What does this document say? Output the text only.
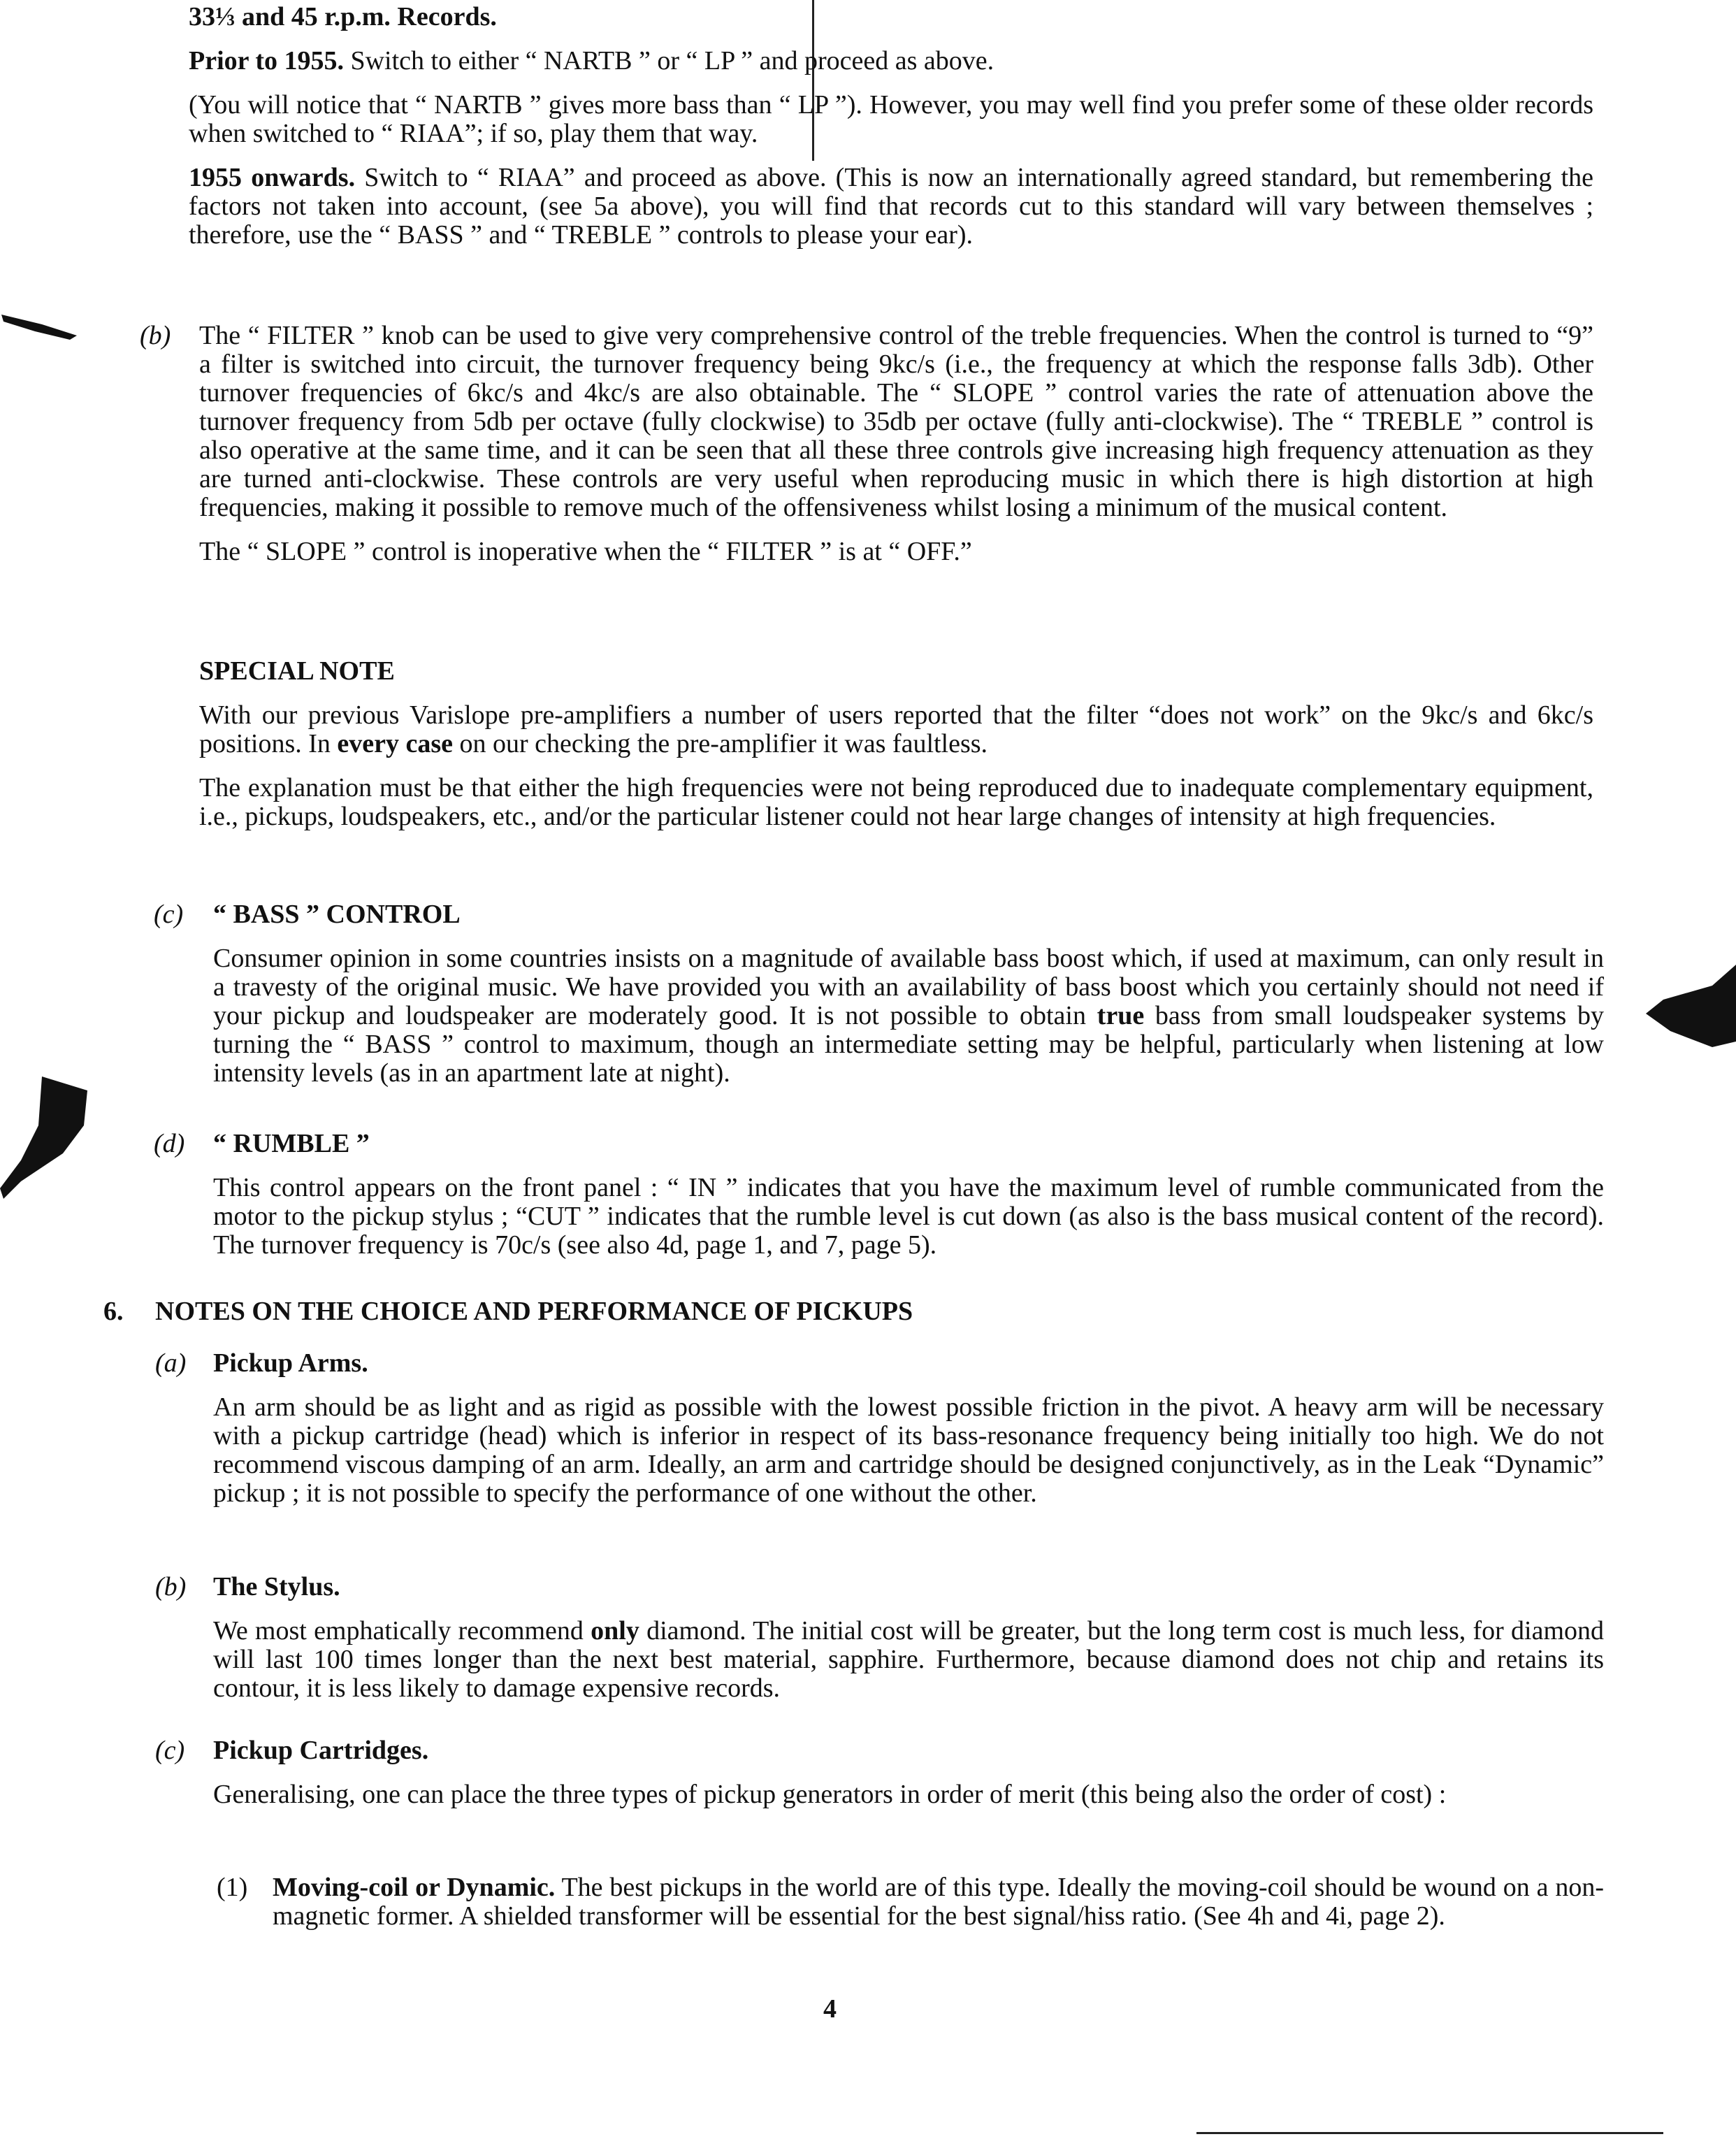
33⅓ and 45 r.p.m. Records.

Prior to 1955. Switch to either “ NARTB ” or “ LP ” and proceed as above.

(You will notice that “ NARTB ” gives more bass than “ LP ”). However, you may well find you prefer some of these older records when switched to “ RIAA”; if so, play them that way.

1955 onwards. Switch to “ RIAA” and proceed as above. (This is now an internationally agreed standard, but remembering the factors not taken into account, (see 5a above), you will find that records cut to this standard will vary between themselves ; therefore, use the “ BASS ” and “ TREBLE ” controls to please your ear).

(b) The “ FILTER ” knob can be used to give very comprehensive control of the treble frequencies. When the control is turned to “9” a filter is switched into circuit, the turnover frequency being 9kc/s (i.e., the frequency at which the response falls 3db). Other turnover frequencies of 6kc/s and 4kc/s are also obtainable. The “ SLOPE ” control varies the rate of attenuation above the turnover frequency from 5db per octave (fully clockwise) to 35db per octave (fully anti-clockwise). The “ TREBLE ” control is also operative at the same time, and it can be seen that all these three controls give increasing high frequency attenuation as they are turned anti-clockwise. These controls are very useful when reproducing music in which there is high distortion at high frequencies, making it possible to remove much of the offensiveness whilst losing a minimum of the musical content.

The “ SLOPE ” control is inoperative when the “ FILTER ” is at “ OFF.”

SPECIAL NOTE

With our previous Varislope pre-amplifiers a number of users reported that the filter “does not work” on the 9kc/s and 6kc/s positions. In every case on our checking the pre-amplifier it was faultless.

The explanation must be that either the high frequencies were not being reproduced due to inadequate complementary equipment, i.e., pickups, loudspeakers, etc., and/or the particular listener could not hear large changes of intensity at high frequencies.

(c) “ BASS ” CONTROL

Consumer opinion in some countries insists on a magnitude of available bass boost which, if used at maximum, can only result in a travesty of the original music. We have provided you with an availability of bass boost which you certainly should not need if your pickup and loudspeaker are moderately good. It is not possible to obtain true bass from small loudspeaker systems by turning the “ BASS ” control to maximum, though an intermediate setting may be helpful, particularly when listening at low intensity levels (as in an apartment late at night).

(d) “ RUMBLE ”

This control appears on the front panel : “ IN ” indicates that you have the maximum level of rumble communicated from the motor to the pickup stylus ; “CUT ” indicates that the rumble level is cut down (as also is the bass musical content of the record). The turnover frequency is 70c/s (see also 4d, page 1, and 7, page 5).

6. NOTES ON THE CHOICE AND PERFORMANCE OF PICKUPS

(a) Pickup Arms.

An arm should be as light and as rigid as possible with the lowest possible friction in the pivot. A heavy arm will be necessary with a pickup cartridge (head) which is inferior in respect of its bass-resonance frequency being initially too high. We do not recommend viscous damping of an arm. Ideally, an arm and cartridge should be designed conjunctively, as in the Leak “Dynamic” pickup ; it is not possible to specify the performance of one without the other.

(b) The Stylus.

We most emphatically recommend only diamond. The initial cost will be greater, but the long term cost is much less, for diamond will last 100 times longer than the next best material, sapphire. Furthermore, because diamond does not chip and retains its contour, it is less likely to damage expensive records.

(c) Pickup Cartridges.

Generalising, one can place the three types of pickup generators in order of merit (this being also the order of cost) :

(1) Moving-coil or Dynamic. The best pickups in the world are of this type. Ideally the moving-coil should be wound on a non-magnetic former. A shielded transformer will be essential for the best signal/hiss ratio. (See 4h and 4i, page 2).

4
